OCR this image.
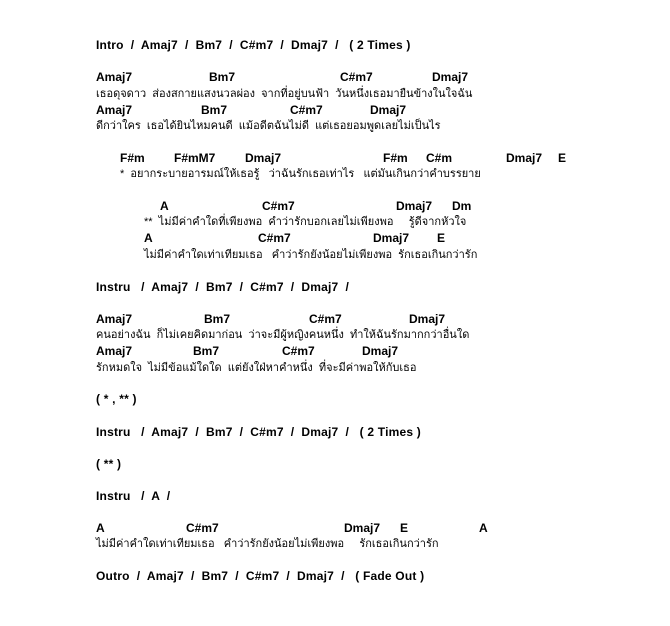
Intro  /  Amaj7  /  Bm7  /  C#m7  /  Dmaj7  /   ( 2 Times )

Amaj7

	Bm7

	C#m7

	Dmaj7

เธอดุจดาว  ส่องสกายแสงนวลผ่อง  จากที่อยู่บนฟ้า  วันหนึ่งเธอมายืนข้างในใจฉัน

Amaj7

	Bm7

	C#m7

	Dmaj7

ดีกว่าใคร  เธอได้ยินไหมคนดี  แม้อดีตฉันไม่ดี  แต่เธอยอมพูดเลยไม่เป็นไร

F#m

F#mM7

Dmaj7

	F#m

C#m

	Dmaj7

E

*  อยากระบายอารมณ์ให้เธอรู้   ว่าฉันรักเธอเท่าไร   แต่มันเกินกว่าคำบรรยาย

A

	C#m7

	Dmaj7

Dm

**  ไม่มีค่าคำใดที่เพียงพอ  คำว่ารักบอกเลยไม่เพียงพอ     รู้ดีจากหัวใจ

A

	C#m7

	Dmaj7

E

ไม่มีค่าคำใดเท่าเทียมเธอ   คำว่ารักยังน้อยไม่เพียงพอ  รักเธอเกินกว่ารัก
Instru   /  Amaj7  /  Bm7  /  C#m7  /  Dmaj7  /

Amaj7

	Bm7

	C#m7

	Dmaj7

คนอย่างฉัน  ก็ไม่เคยคิดมาก่อน  ว่าจะมีผู้หญิงคนหนึ่ง  ทำให้ฉันรักมากกว่าอื่นใด

Amaj7

	Bm7

	C#m7

	Dmaj7

รักหมดใจ  ไม่มีข้อแม้ใดใด  แต่ยังใฝ่หาคำหนึ่ง  ที่จะมีค่าพอให้กับเธอ
( * , ** )
Instru   /  Amaj7  /  Bm7  /  C#m7  /  Dmaj7  /   ( 2 Times )
( ** )
Instru   /  A  /

A

	C#m7

	Dmaj7

E

	A

ไม่มีค่าคำใดเท่าเทียมเธอ   คำว่ารักยังน้อยไม่เพียงพอ     รักเธอเกินกว่ารัก
Outro  /  Amaj7  /  Bm7  /  C#m7  /  Dmaj7  /   ( Fade Out )
